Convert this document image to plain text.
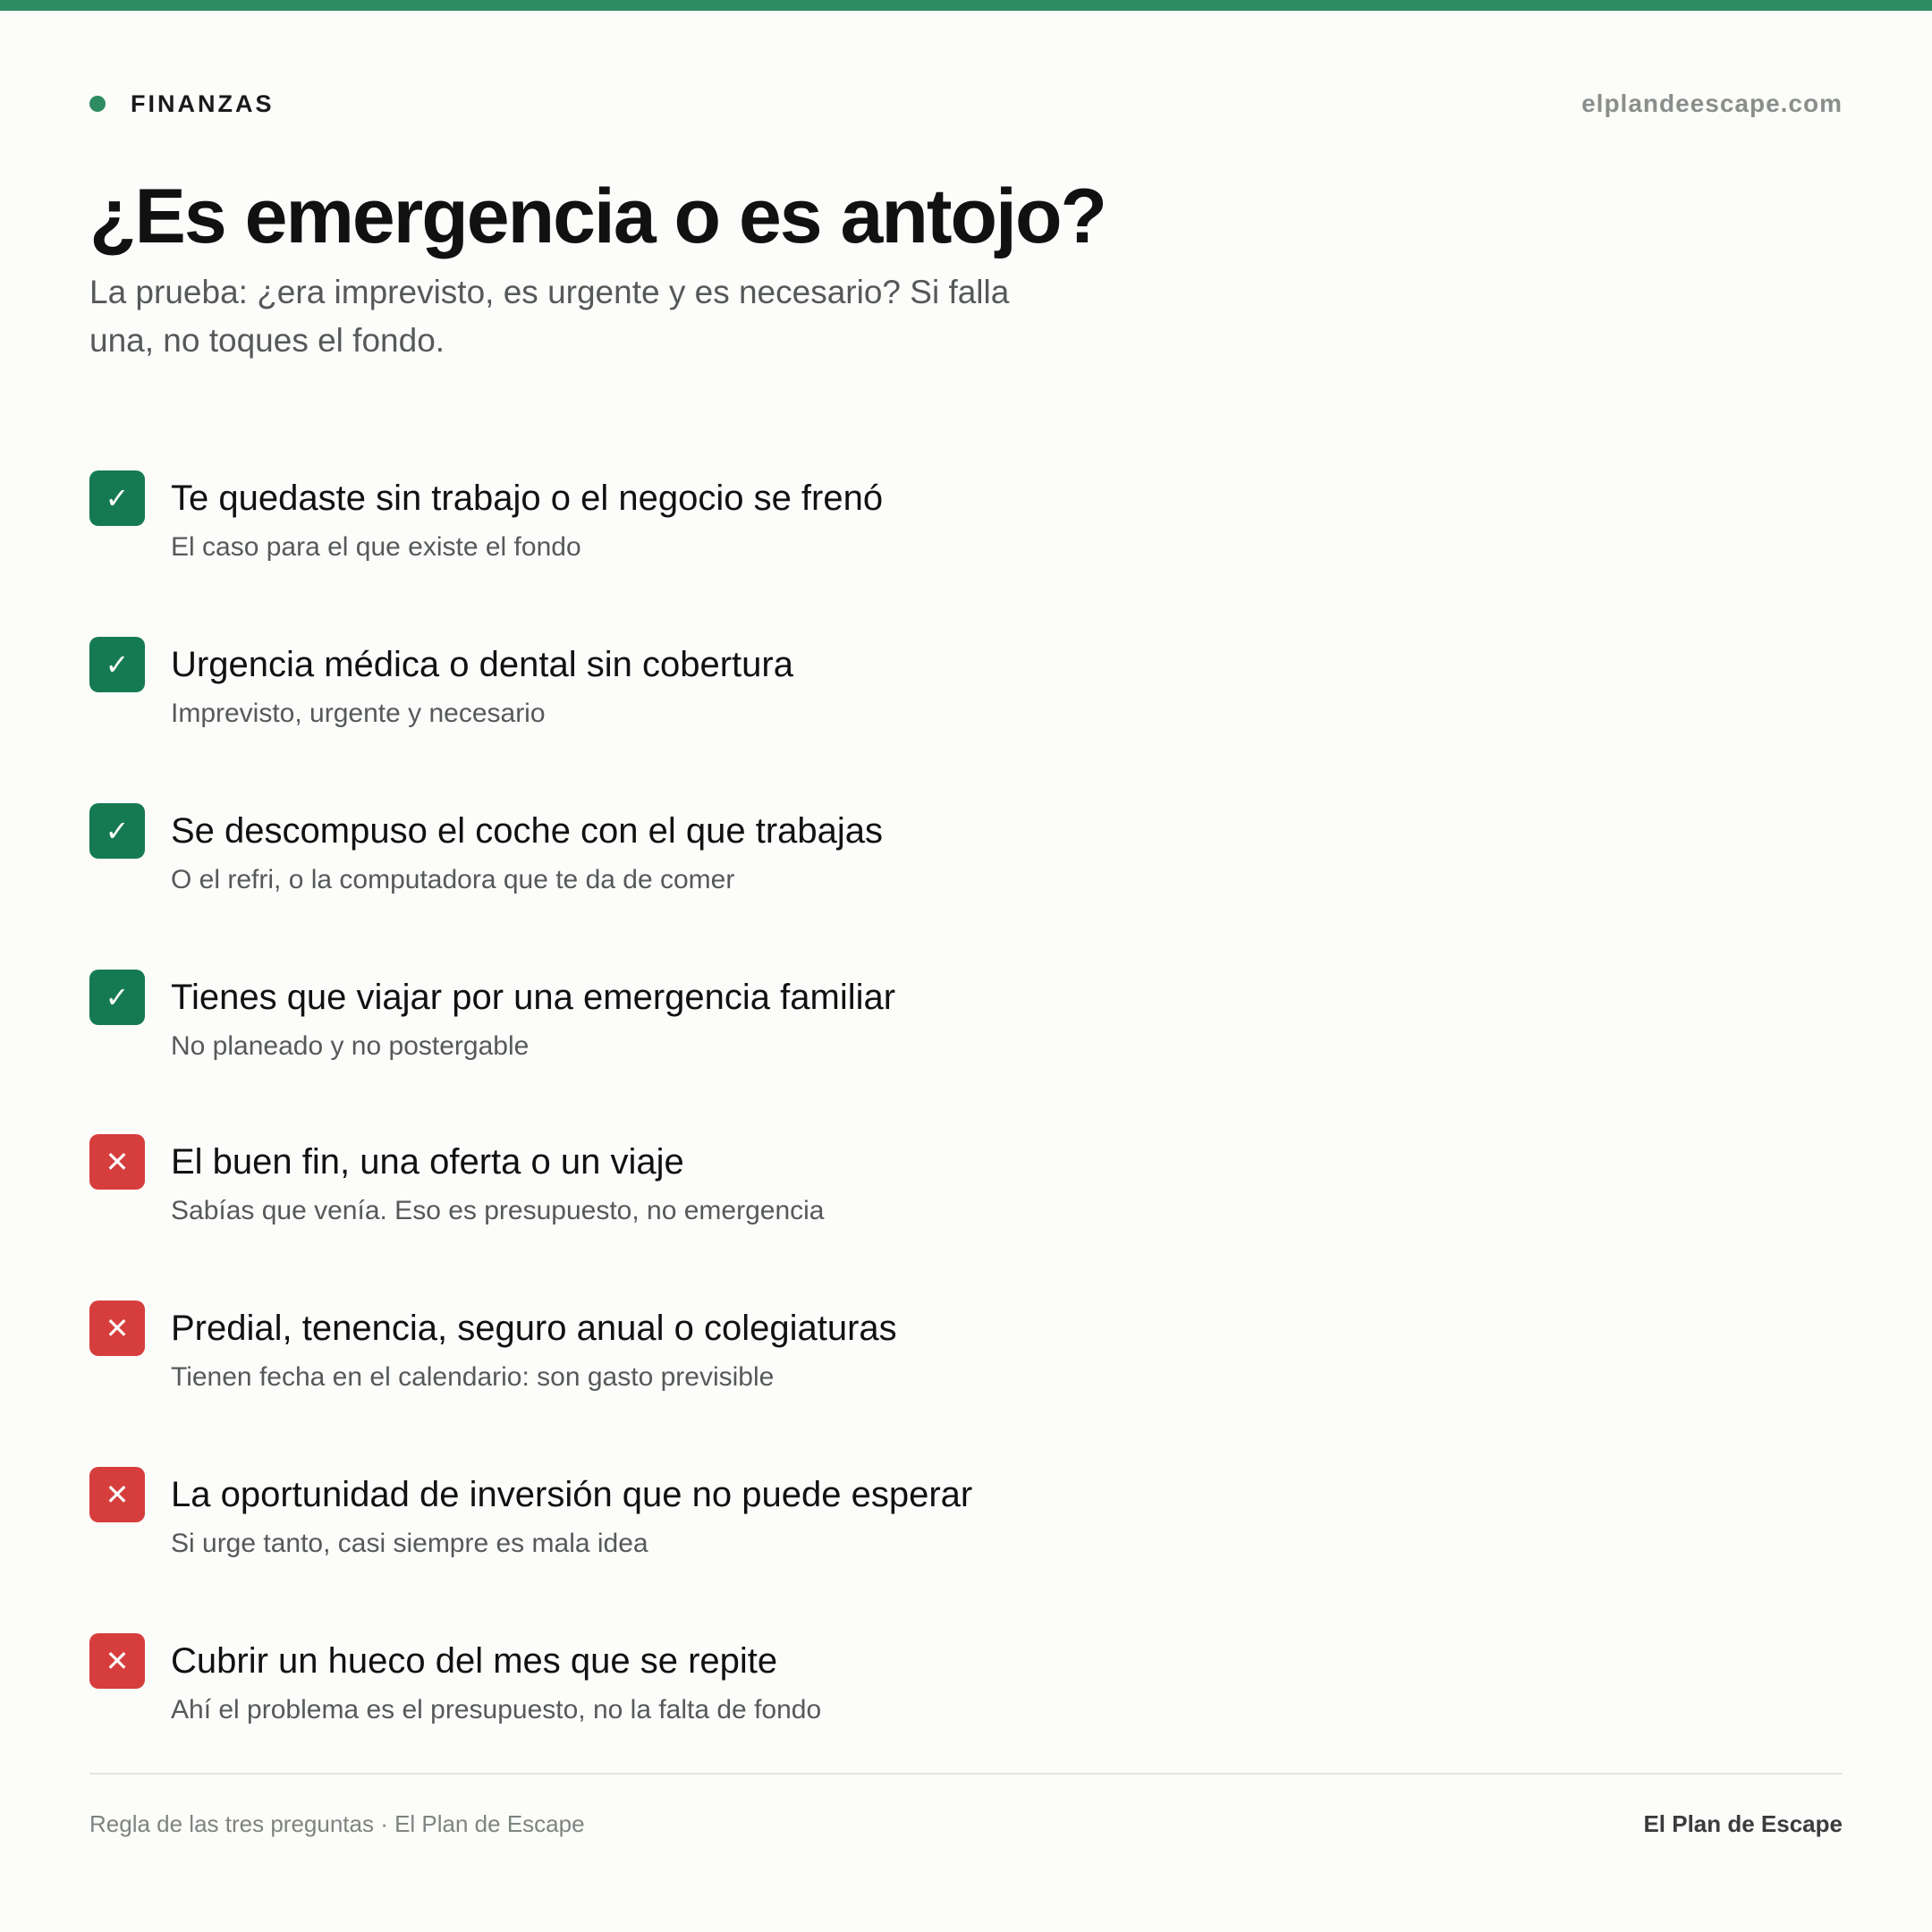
FINANZAS	elplandeescape.com
¿Es emergencia o es antojo?

La prueba: ¿era imprevisto, es urgente y es necesario? Si falla una, no toques el fondo.

✓	Te quedaste sin trabajo o el negocio se frenó
El caso para el que existe el fondo
✓	Urgencia médica o dental sin cobertura
Imprevisto, urgente y necesario
✓	Se descompuso el coche con el que trabajas
O el refri, o la computadora que te da de comer
✓	Tienes que viajar por una emergencia familiar
No planeado y no postergable
✕	El buen fin, una oferta o un viaje
Sabías que venía. Eso es presupuesto, no emergencia
✕	Predial, tenencia, seguro anual o colegiaturas
Tienen fecha en el calendario: son gasto previsible
✕	La oportunidad de inversión que no puede esperar
Si urge tanto, casi siempre es mala idea
✕	Cubrir un hueco del mes que se repite
Ahí el problema es el presupuesto, no la falta de fondo
Regla de las tres preguntas · El Plan de Escape	El Plan de Escape
